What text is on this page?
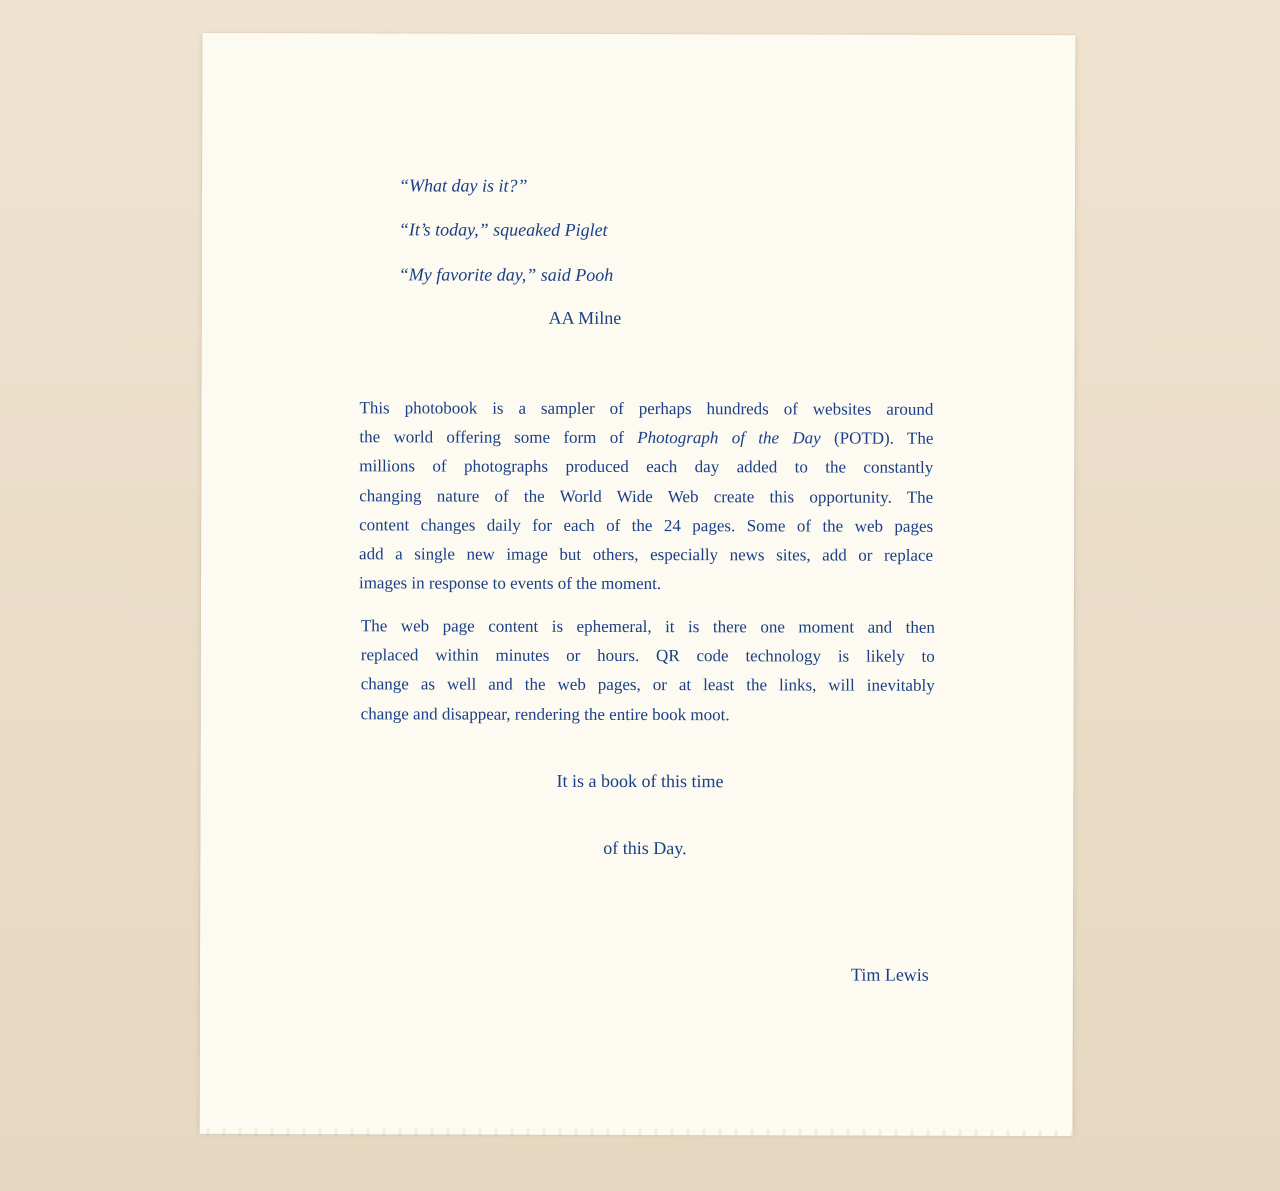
“What day is it?”
“It’s today,” squeaked Piglet
“My favorite day,” said Pooh
AA Milne
This photobook is a sampler of perhaps hundreds of websites around
the world offering some form of Photograph of the Day (POTD). The
millions of photographs produced each day added to the constantly
changing nature of the World Wide Web create this opportunity. The
content changes daily for each of the 24 pages. Some of the web pages
add a single new image but others, especially news sites, add or replace
images in response to events of the moment.
The web page content is ephemeral, it is there one moment and then
replaced within minutes or hours. QR code technology is likely to
change as well and the web pages, or at least the links, will inevitably
change and disappear, rendering the entire book moot.
It is a book of this time
of this Day.
Tim Lewis
